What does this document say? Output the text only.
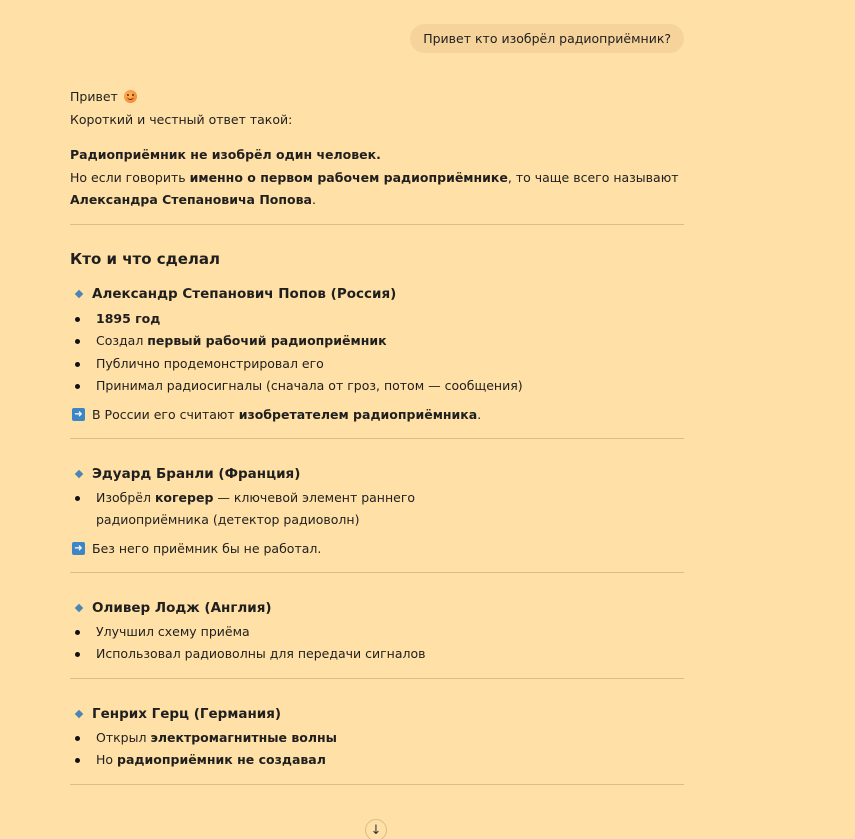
Привет кто изобрёл радиоприёмник?

Привет

Короткий и честный ответ такой:

Радиоприёмник не изобрёл один человек.

Но если говорить именно о первом рабочем радиоприёмнике, то чаще всего называют Александра Степановича Попова.

Кто и что сделал
Александр Степанович Попов (Россия)
1895 год
Создал первый рабочий радиоприёмник
Публично продемонстрировал его
Принимал радиосигналы (сначала от гроз, потом — сообщения)
➜ В России его считают изобретателем радиоприёмника.
Эдуард Бранли (Франция)
Изобрёл когерер — ключевой элемент раннего радиоприёмника (детектор радиоволн)
➜ Без него приёмник бы не работал.
Оливер Лодж (Англия)
Улучшил схему приёма
Использовал радиоволны для передачи сигналов
Генрих Герц (Германия)
Открыл электромагнитные волны
Но радиоприёмник не создавал
↓
